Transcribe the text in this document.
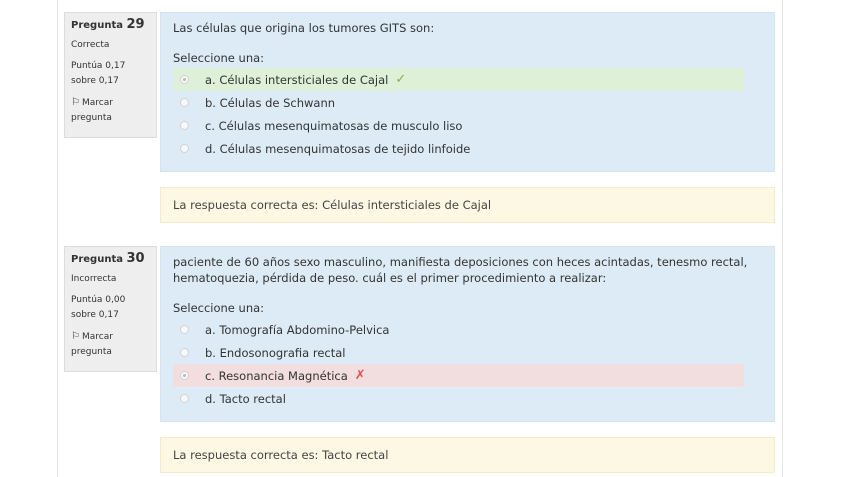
Pregunta 29
Correcta
Puntúa 0,17
sobre 0,17
⚐ Marcar
pregunta

Las células que origina los tumores GITS son:

Seleccione una:
a. Células intersticiales de Cajal ✓
b. Células de Schwann
c. Células mesenquimatosas de musculo liso
d. Células mesenquimatosas de tejido linfoide
La respuesta correcta es: Células intersticiales de Cajal
Pregunta 30
Incorrecta
Puntúa 0,00
sobre 0,17
⚐ Marcar
pregunta

paciente de 60 años sexo masculino, manifiesta deposiciones con heces acintadas, tenesmo rectal, hematoquezia, pérdida de peso. cuál es el primer procedimiento a realizar:

Seleccione una:
a. Tomografía Abdomino-Pelvica
b. Endosonografia rectal
c. Resonancia Magnética ✗
d. Tacto rectal
La respuesta correcta es: Tacto rectal
